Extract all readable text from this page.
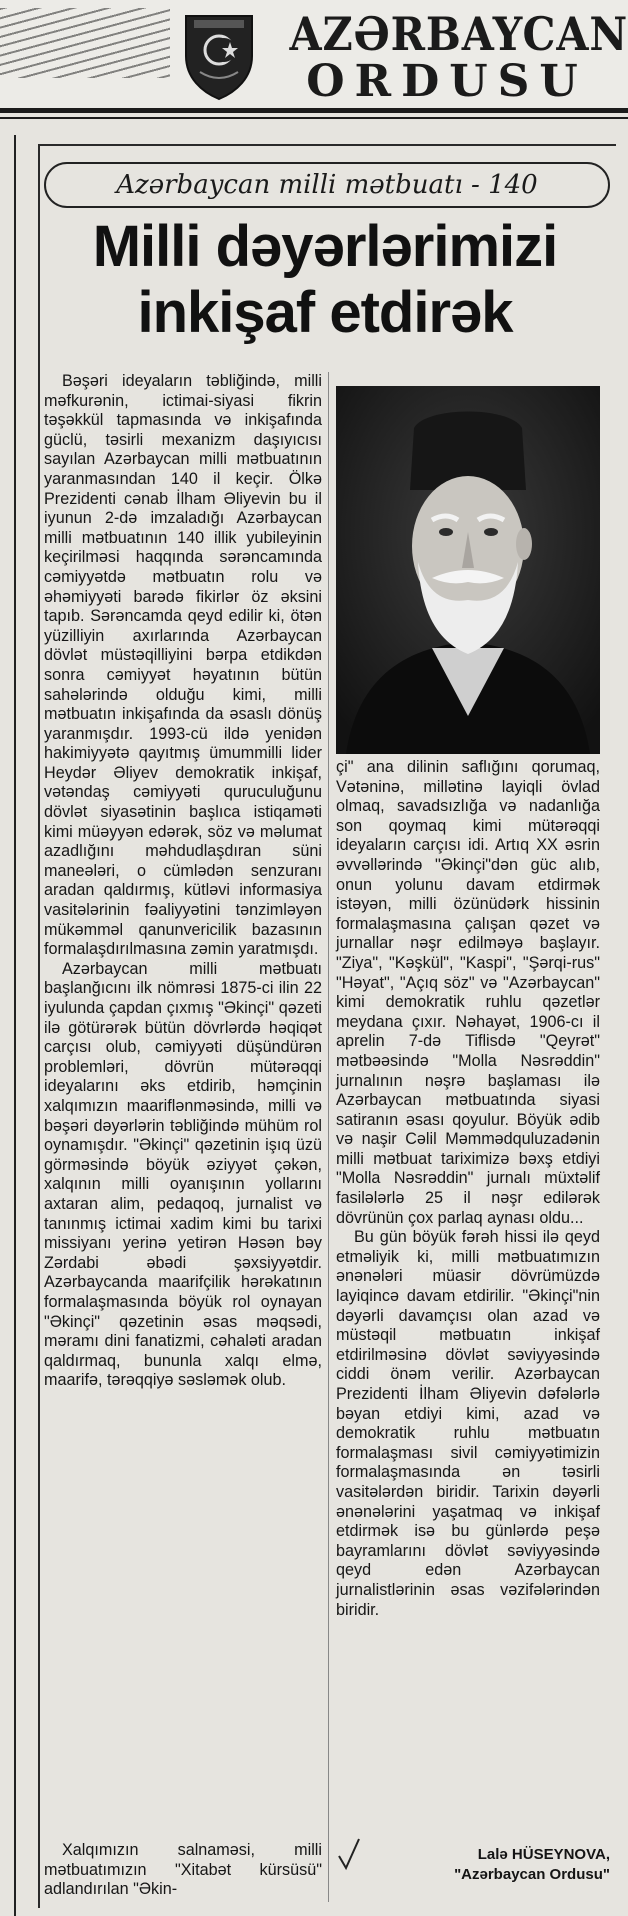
AZƏRBAYCAN
ORDUSU
Azərbaycan milli mətbuatı - 140
Milli dəyərlərimizi
inkişaf etdirək

Bəşəri ideyaların təbliğində, milli məfkurənin, ictimai-siyasi fikrin təşəkkül tapmasında və inkişafında güclü, təsirli mexanizm daşıyıcısı sayılan Azərbaycan milli mətbuatının yaranmasından 140 il keçir. Ölkə Prezidenti cənab İlham Əliyevin bu il iyunun 2-də imzaladığı Azərbaycan milli mətbuatının 140 illik yubileyinin keçirilməsi haqqında sərəncamında cəmiyyətdə mətbuatın rolu və əhəmiyyəti barədə fikirlər öz əksini tapıb. Sərəncamda qeyd edilir ki, ötən yüzilliyin axırlarında Azərbaycan dövlət müstəqilliyini bərpa etdikdən sonra cəmiyyət həyatının bütün sahələrində olduğu kimi, milli mətbuatın inkişafında da əsaslı dönüş yaranmışdır. 1993-cü ildə yenidən hakimiyyətə qayıtmış ümummilli lider Heydər Əliyev demokratik inkişaf, vətəndaş cəmiyyəti quruculuğunu dövlət siyasətinin başlıca istiqaməti kimi müəyyən edərək, söz və məlumat azadlığını məhdudlaşdıran süni maneələri, o cümlədən senzuranı aradan qaldırmış, kütləvi informasiya vasitələrinin fəaliyyətini tənzimləyən mükəmməl qanunvericilik bazasının formalaşdırılmasına zəmin yaratmışdı.

Azərbaycan milli mətbuatı başlanğıcını ilk nömrəsi 1875-ci ilin 22 iyulunda çapdan çıxmış "Əkinçi" qəzeti ilə götürərək bütün dövrlərdə həqiqət carçısı olub, cəmiyyəti düşündürən problemləri, dövrün mütərəqqi ideyalarını əks etdirib, həmçinin xalqımızın maariflənməsində, milli və bəşəri dəyərlərin təbliğində mühüm rol oynamışdır. "Əkinçi" qəzetinin işıq üzü görməsində böyük əziyyət çəkən, xalqının milli oyanışının yollarını axtaran alim, pedaqoq, jurnalist və tanınmış ictimai xadim kimi bu tarixi missiyanı yerinə yetirən Həsən bəy Zərdabi əbədi şəxsiyyətdir. Azərbaycanda maarifçilik hərəkatının formalaşmasında böyük rol oynayan "Əkinçi" qəzetinin əsas məqsədi, məramı dini fanatizmi, cəhaləti aradan qaldırmaq, bununla xalqı elmə, maarifə, tərəqqiyə səsləmək olub.

Xalqımızın salnaməsi, milli mətbuatımızın "Xitabət kürsüsü" adlandırılan "Əkin-

çi" ana dilinin saflığını qorumaq, Vətəninə, millətinə layiqli övlad olmaq, savadsızlığa və nadanlığa son qoymaq kimi mütərəqqi ideyaların carçısı idi. Artıq XX əsrin əvvəllərində "Əkinçi"dən güc alıb, onun yolunu davam etdirmək istəyən, milli özünüdərk hissinin formalaşmasına çalışan qəzet və jurnallar nəşr edilməyə başlayır. "Ziya", "Kəşkül", "Kaspi", "Şərqi-rus" "Həyat", "Açıq söz" və "Azərbaycan" kimi demokratik ruhlu qəzetlər meydana çıxır. Nəhayət, 1906-cı il aprelin 7-də Tiflisdə "Qeyrət" mətbəəsində "Molla Nəsrəddin" jurnalının nəşrə başlaması ilə Azərbaycan mətbuatında siyasi satiranın əsası qoyulur. Böyük ədib və naşir Cəlil Məmmədquluzadənin milli mətbuat tariximizə bəxş etdiyi "Molla Nəsrəddin" jurnalı müxtəlif fasilələrlə 25 il nəşr edilərək dövrünün çox parlaq aynası oldu...

Bu gün böyük fərəh hissi ilə qeyd etməliyik ki, milli mətbuatımızın ənənələri müasir dövrümüzdə layiqincə davam etdirilir. "Əkinçi"nin dəyərli davamçısı olan azad və müstəqil mətbuatın inkişaf etdirilməsinə dövlət səviyyəsində ciddi önəm verilir. Azərbaycan Prezidenti İlham Əliyevin dəfələrlə bəyan etdiyi kimi, azad və demokratik ruhlu mətbuatın formalaşması sivil cəmiyyətimizin formalaşmasında ən təsirli vasitələrdən biridir. Tarixin dəyərli ənənələrini yaşatmaq və inkişaf etdirmək isə bu günlərdə peşə bayramlarını dövlət səviyyəsində qeyd edən Azərbaycan jurnalistlərinin əsas vəzifələrindən biridir.

Lalə HÜSEYNOVA,
"Azərbaycan Ordusu"
